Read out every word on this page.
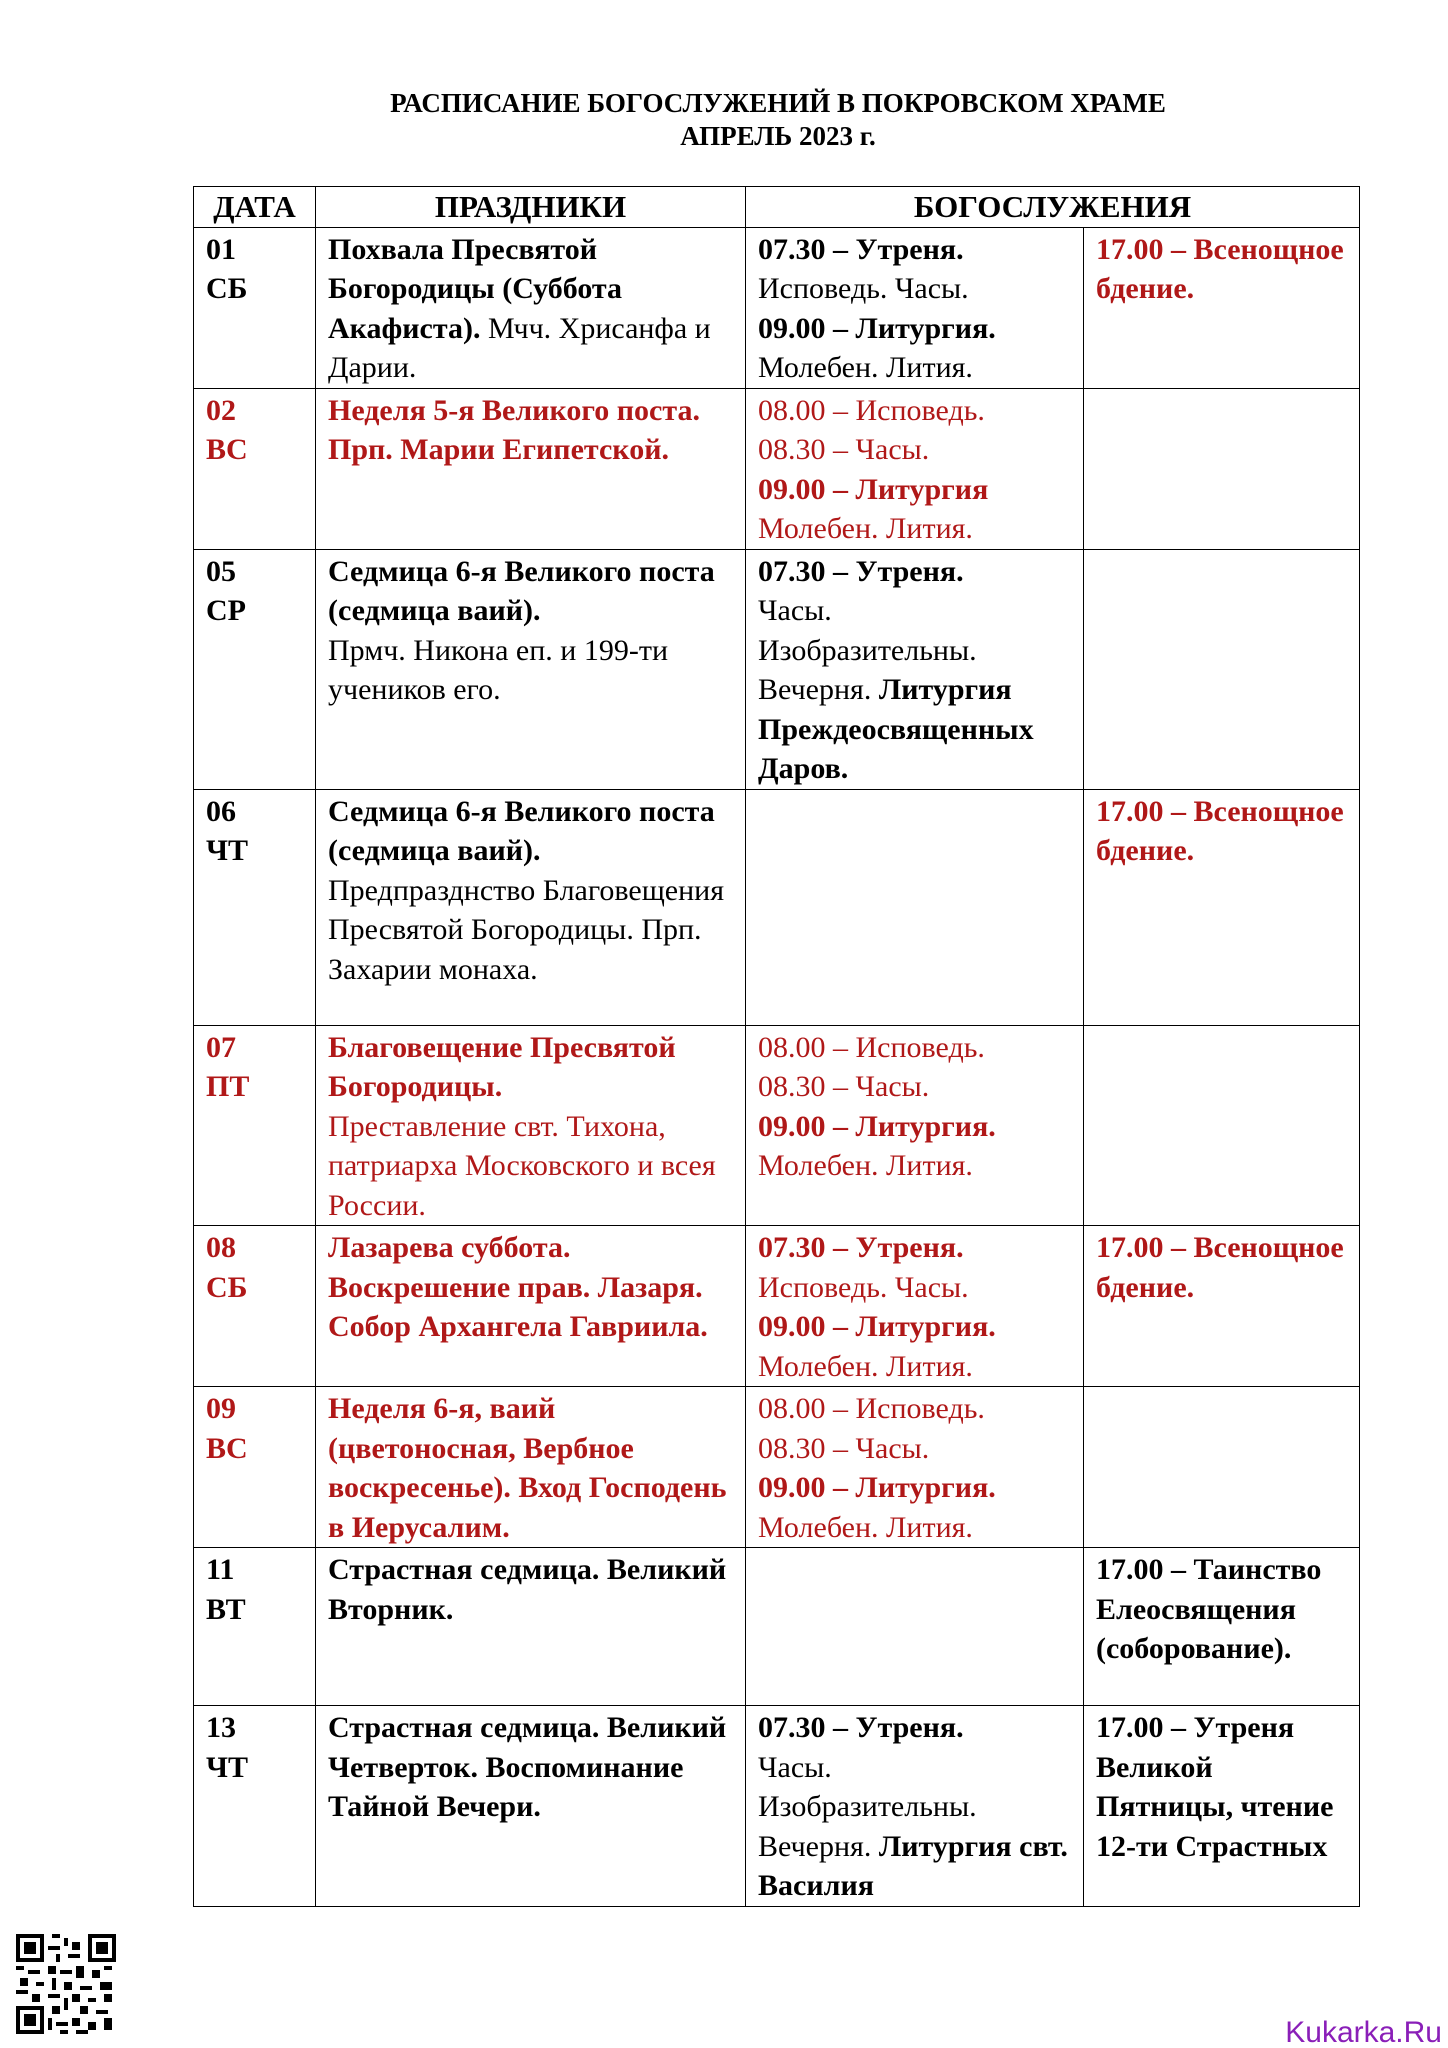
РАСПИСАНИЕ БОГОСЛУЖЕНИЙ В ПОКРОВСКОМ ХРАМЕ
АПРЕЛЬ 2023 г.
ДАТА	ПРАЗДНИКИ	БОГОСЛУЖЕНИЯ	

01
СБ	Похвала Пресвятой Богородицы (Суббота Акафиста). Мчч. Хрисанфа и Дарии.	07.30 – Утреня.
Исповедь. Часы.
09.00 – Литургия.
Молебен. Лития.	17.00 – Всенощное бдение.

02
ВС	Неделя 5-я Великого поста. Прп. Марии Египетской.	08.00 – Исповедь.
08.30 – Часы.
09.00 – Литургия
Молебен. Лития.	

05
СР	Седмица 6-я Великого поста (седмица ваий).
Прмч. Никона еп. и 199-ти учеников его.	07.30 – Утреня.
Часы.
Изобразительны.
Вечерня. Литургия Преждеосвященных Даров.	

06
ЧТ	Седмица 6-я Великого поста (седмица ваий).
Предпразднство Благовещения Пресвятой Богородицы. Прп. Захарии монаха.		17.00 – Всенощное бдение.

07
ПТ	Благовещение Пресвятой Богородицы.
Преставление свт. Тихона, патриарха Московского и всея России.	08.00 – Исповедь.
08.30 – Часы.
09.00 – Литургия.
Молебен. Лития.	

08
СБ	Лазарева суббота. Воскрешение прав. Лазаря. Собор Архангела Гавриила.	07.30 – Утреня.
Исповедь. Часы.
09.00 – Литургия.
Молебен. Лития.	17.00 – Всенощное бдение.

09
ВС	Неделя 6-я, ваий (цветоносная, Вербное воскресенье). Вход Господень в Иерусалим.	08.00 – Исповедь.
08.30 – Часы.
09.00 – Литургия.
Молебен. Лития.	

11
ВТ	Страстная седмица. Великий Вторник.		17.00 – Таинство Елеосвящения (соборование).

13
ЧТ	Страстная седмица. Великий Четверток. Воспоминание Тайной Вечери.	07.30 – Утреня.
Часы.
Изобразительны.
Вечерня. Литургия свт. Василия	17.00 – Утреня Великой Пятницы, чтение 12-ти Страстных
Kukarka.Ru
